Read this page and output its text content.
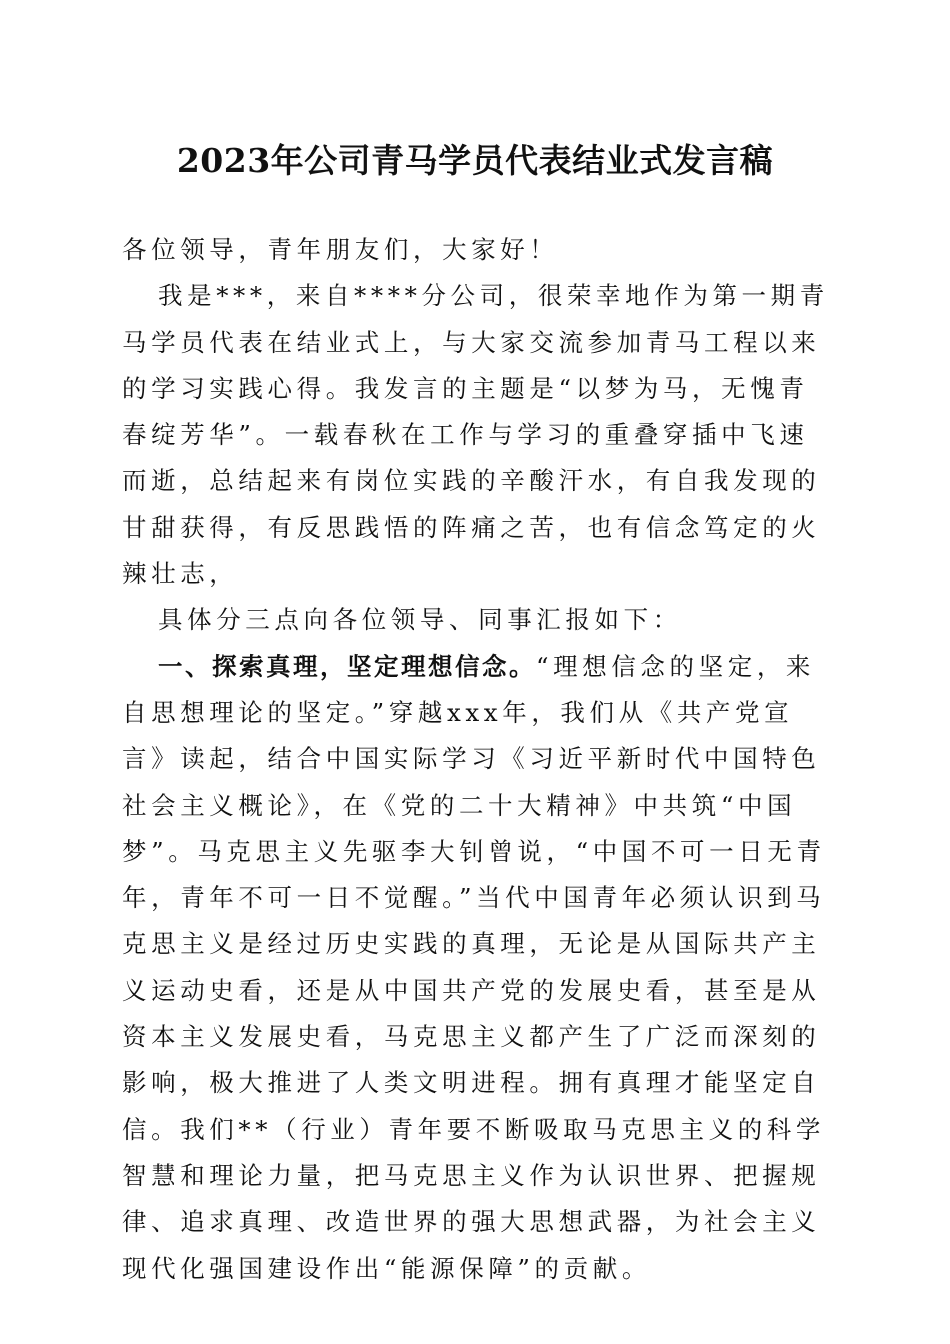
2023年公司青马学员代表结业式发言稿

各位领导，青年朋友们，大家好！

我是***，来自****分公司，很荣幸地作为第一期青马学员代表在结业式上，与大家交流参加青马工程以来的学习实践心得。我发言的主题是“以梦为马，无愧青春绽芳华”。一载春秋在工作与学习的重叠穿插中飞速而逝，总结起来有岗位实践的辛酸汗水，有自我发现的甘甜获得，有反思践悟的阵痛之苦，也有信念笃定的火辣壮志，

具体分三点向各位领导、同事汇报如下：

一、探索真理，坚定理想信念。“理想信念的坚定，来自思想理论的坚定。”穿越xxx年，我们从《共产党宣言》读起，结合中国实际学习《习近平新时代中国特色社会主义概论》，在《党的二十大精神》中共筑“中国梦”。马克思主义先驱李大钊曾说，“中国不可一日无青年，青年不可一日不觉醒。”当代中国青年必须认识到马克思主义是经过历史实践的真理，无论是从国际共产主义运动史看，还是从中国共产党的发展史看，甚至是从资本主义发展史看，马克思主义都产生了广泛而深刻的影响，极大推进了人类文明进程。拥有真理才能坚定自信。我们**（行业）青年要不断吸取马克思主义的科学智慧和理论力量，把马克思主义作为认识世界、把握规律、追求真理、改造世界的强大思想武器，为社会主义现代化强国建设作出“能源保障”的贡献。
